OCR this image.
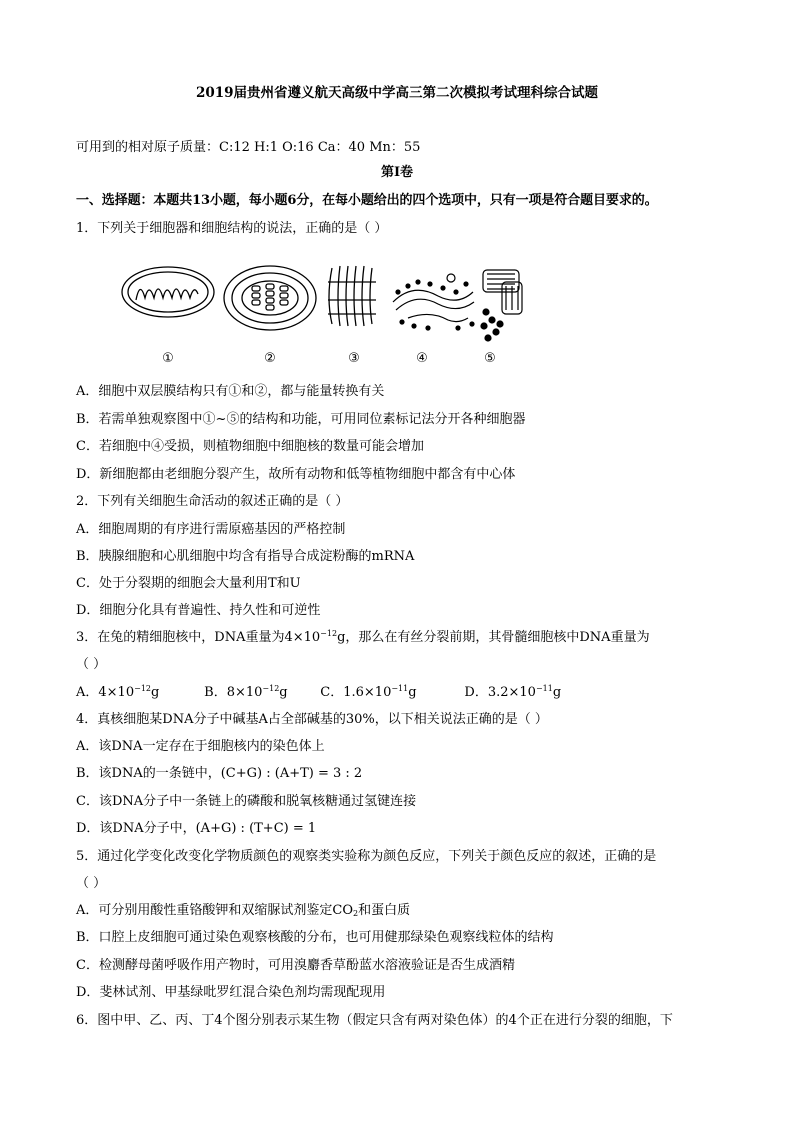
2019届贵州省遵义航天高级中学高三第二次模拟考试理科综合试题
可用到的相对原子质量：C:12 H:1 O:16 Ca：40 Mn：55
第Ⅰ卷
一、选择题：本题共13小题，每小题6分，在每小题给出的四个选项中，只有一项是符合题目要求的。
1．下列关于细胞器和细胞结构的说法，正确的是（ ）
①	②	③	④	⑤
A．细胞中双层膜结构只有①和②，都与能量转换有关
B．若需单独观察图中①~⑤的结构和功能，可用同位素标记法分开各种细胞器
C．若细胞中④受损，则植物细胞中细胞核的数量可能会增加
D．新细胞都由老细胞分裂产生，故所有动物和低等植物细胞中都含有中心体
2．下列有关细胞生命活动的叙述正确的是（ ）
A．细胞周期的有序进行需原癌基因的严格控制
B．胰腺细胞和心肌细胞中均含有指导合成淀粉酶的mRNA
C．处于分裂期的细胞会大量利用T和U
D．细胞分化具有普遍性、持久性和可逆性
3．在兔的精细胞核中，DNA重量为$4\times 10^{-12}g$，那么在有丝分裂前期，其骨髓细胞核中DNA重量为
（ ）
A．$4\times 10^{-12}g$	B．$8\times 10^{-12}g$	C．$1.6\times 10^{-11}g$	D．$3.2\times 10^{-11}g$
4．真核细胞某DNA分子中碱基A占全部碱基的30%，以下相关说法正确的是（ ）
A．该DNA一定存在于细胞核内的染色体上
B．该DNA的一条链中，(C+G) : (A+T) = 3 : 2
C．该DNA分子中一条链上的磷酸和脱氧核糖通过氢键连接
D．该DNA分子中，(A+G) : (T+C) = 1
5．通过化学变化改变化学物质颜色的观察类实验称为颜色反应，下列关于颜色反应的叙述，正确的是
（ ）
A．可分别用酸性重铬酸钾和双缩脲试剂鉴定$CO_2$和蛋白质
B．口腔上皮细胞可通过染色观察核酸的分布，也可用健那绿染色观察线粒体的结构
C．检测酵母菌呼吸作用产物时，可用溴麝香草酚蓝水溶液验证是否生成酒精
D．斐林试剂、甲基绿吡罗红混合染色剂均需现配现用
6．图中甲、乙、丙、丁4个图分别表示某生物（假定只含有两对染色体）的4个正在进行分裂的细胞，下
